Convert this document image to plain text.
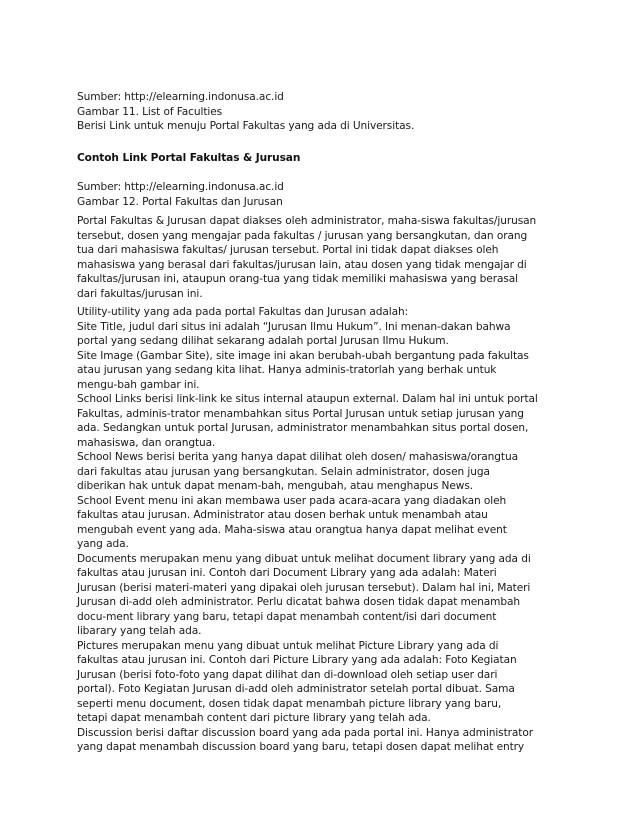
Sumber: http://elearning.indonusa.ac.id
Gambar 11. List of Faculties
Berisi Link untuk menuju Portal Fakultas yang ada di Universitas.
Contoh Link Portal Fakultas & Jurusan
Sumber: http://elearning.indonusa.ac.id
Gambar 12. Portal Fakultas dan Jurusan
Portal Fakultas & Jurusan dapat diakses oleh administrator, maha-siswa fakultas/jurusan
tersebut, dosen yang mengajar pada fakultas / jurusan yang bersangkutan, dan orang
tua dari mahasiswa fakultas/ jurusan tersebut. Portal ini tidak dapat diakses oleh
mahasiswa yang berasal dari fakultas/jurusan lain, atau dosen yang tidak mengajar di
fakultas/jurusan ini, ataupun orang-tua yang tidak memiliki mahasiswa yang berasal
dari fakultas/jurusan ini.
Utility-utility yang ada pada portal Fakultas dan Jurusan adalah:
Site Title, judul dari situs ini adalah “Jurusan Ilmu Hukum”. Ini menan-dakan bahwa
portal yang sedang dilihat sekarang adalah portal Jurusan Ilmu Hukum.
Site Image (Gambar Site), site image ini akan berubah-ubah bergantung pada fakultas
atau jurusan yang sedang kita lihat. Hanya adminis-tratorlah yang berhak untuk
mengu-bah gambar ini.
School Links berisi link-link ke situs internal ataupun external. Dalam hal ini untuk portal
Fakultas, adminis-trator menambahkan situs Portal Jurusan untuk setiap jurusan yang
ada. Sedangkan untuk portal Jurusan, administrator menambahkan situs portal dosen,
mahasiswa, dan orangtua.
School News berisi berita yang hanya dapat dilihat oleh dosen/ mahasiswa/orangtua
dari fakultas atau jurusan yang bersangkutan. Selain administrator, dosen juga
diberikan hak untuk dapat menam-bah, mengubah, atau menghapus News.
School Event menu ini akan membawa user pada acara-acara yang diadakan oleh
fakultas atau jurusan. Administrator atau dosen berhak untuk menambah atau
mengubah event yang ada. Maha-siswa atau orangtua hanya dapat melihat event
yang ada.
Documents merupakan menu yang dibuat untuk melihat document library yang ada di
fakultas atau jurusan ini. Contoh dari Document Library yang ada adalah: Materi
Jurusan (berisi materi-materi yang dipakai oleh jurusan tersebut). Dalam hal ini, Materi
Jurusan di-add oleh administrator. Perlu dicatat bahwa dosen tidak dapat menambah
docu-ment library yang baru, tetapi dapat menambah content/isi dari document
libarary yang telah ada.
Pictures merupakan menu yang dibuat untuk melihat Picture Library yang ada di
fakultas atau jurusan ini. Contoh dari Picture Library yang ada adalah: Foto Kegiatan
Jurusan (berisi foto-foto yang dapat dilihat dan di-download oleh setiap user dari
portal). Foto Kegiatan Jurusan di-add oleh administrator setelah portal dibuat. Sama
seperti menu document, dosen tidak dapat menambah picture library yang baru,
tetapi dapat menambah content dari picture library yang telah ada.
Discussion berisi daftar discussion board yang ada pada portal ini. Hanya administrator
yang dapat menambah discussion board yang baru, tetapi dosen dapat melihat entry
